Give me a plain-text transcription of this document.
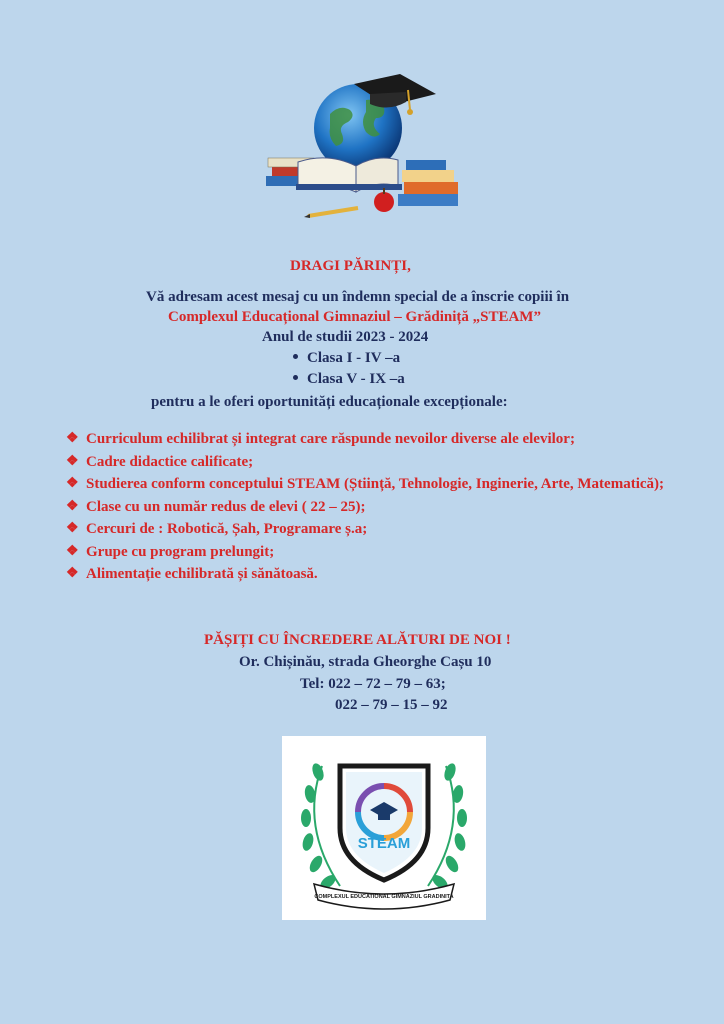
DRAGI PĂRINȚI,
Vă adresam acest mesaj cu un îndemn special de a înscrie copiii în
Complexul Educațional Gimnaziul – Grădiniță „STEAM”
Anul de studii 2023 - 2024
Clasa I - IV –a
Clasa V - IX –a
pentru a le oferi oportunități educaționale excepționale:
❖ Curriculum echilibrat și integrat care răspunde nevoilor diverse ale elevilor;
❖ Cadre didactice calificate;
❖ Studierea conform conceptului STEAM (Știință, Tehnologie, Inginerie, Arte, Matematică);
❖ Clase cu un număr redus de elevi ( 22 – 25);
❖ Cercuri de : Robotică, Șah, Programare ș.a;
❖ Grupe cu program prelungit;
❖ Alimentație echilibrată și sănătoasă.
PĂȘIȚI CU ÎNCREDERE ALĂTURI DE NOI !
Or. Chișinău, strada Gheorghe Cașu 10
Tel: 022 – 72 – 79 – 63;
022 – 79 – 15 – 92
STEAM
COMPLEXUL EDUCATIONAL GIMNAZIUL GRADINITA
